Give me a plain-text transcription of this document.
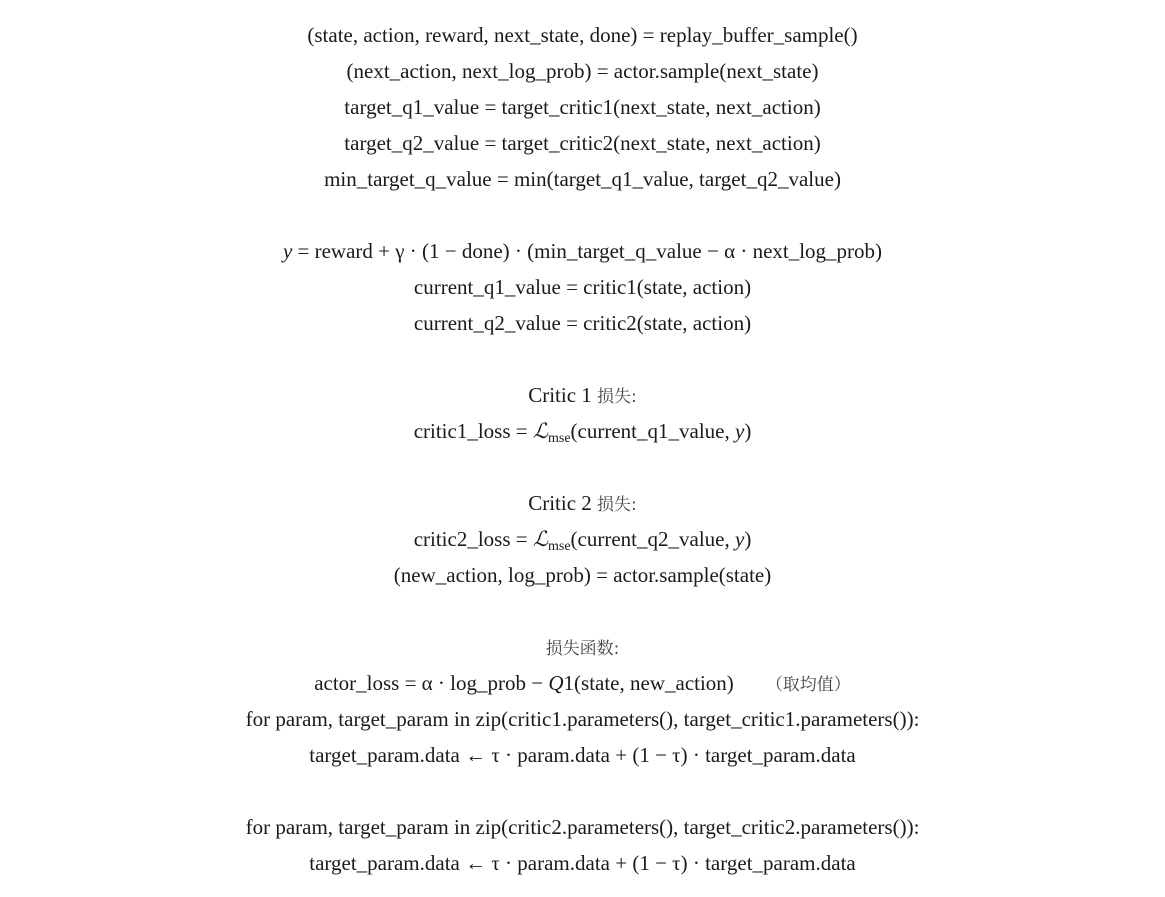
(state, action, reward, next_state, done) = replay_buffer_sample()
(next_action, next_log_prob) = actor.sample(next_state)
target_q1_value = target_critic1(next_state, next_action)
target_q2_value = target_critic2(next_state, next_action)
min_target_q_value = min(target_q1_value, target_q2_value)
y = reward + γ · (1 − done) · (min_target_q_value − α · next_log_prob)
current_q1_value = critic1(state, action)
current_q2_value = critic2(state, action)
Critic 1 损失:
critic1_loss = ℒ$_{mse}$(current_q1_value, y)
Critic 2 损失:
critic2_loss = ℒ$_{mse}$(current_q2_value, y)
(new_action, log_prob) = actor.sample(state)
损失函数:
actor_loss = α · log_prob − Q1(state, new_action) （取均值）
for param, target_param in zip(critic1.parameters(), target_critic1.parameters()):
target_param.data ← τ · param.data + (1 − τ) · target_param.data
for param, target_param in zip(critic2.parameters(), target_critic2.parameters()):
target_param.data ← τ · param.data + (1 − τ) · target_param.data
